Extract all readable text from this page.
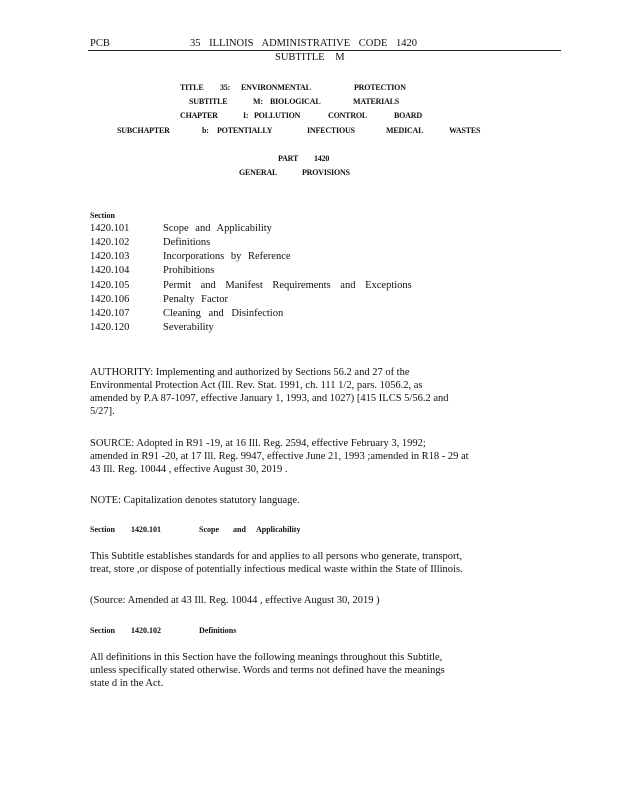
PCB	35 ILLINOIS ADMINISTRATIVE CODE 1420
SUBTITLE M
TITLE 35: ENVIRONMENTAL	PROTECTION
SUBTITLE	M: BIOLOGICAL	MATERIALS
CHAPTER	I: POLLUTION	CONTROL	BOARD
SUBCHAPTER	b: POTENTIALLY	INFECTIOUS	MEDICAL	WASTES
PART 1420
GENERAL	PROVISIONS
Section
1420.101	Scope and Applicability
1420.102	Definitions
1420.103	Incorporations by Reference
1420.104	Prohibitions
1420.105	Permit and Manifest Requirements and Exceptions
1420.106	Penalty Factor
1420.107	Cleaning and Disinfection
1420.120	Severability
AUTHORITY: Implementing and authorized by Sections 56.2 and 27 of the
Environmental Protection Act (Ill. Rev. Stat. 1991, ch. 111 1/2, pars. 1056.2, as
amended by P.A 87-1097, effective January 1, 1993, and 1027) [415 ILCS 5/56.2 and
5/27].
SOURCE: Adopted in R91 -19, at 16 Ill. Reg. 2594, effective February 3, 1992;
amended in R91 -20, at 17 Ill. Reg. 9947, effective June 21, 1993 ;amended in R18 - 29 at
43 Ill. Reg. 10044 , effective August 30, 2019 .
NOTE: Capitalization denotes statutory language.
Section 1420.101	Scope and Applicability
This Subtitle establishes standards for and applies to all persons who generate, transport,
treat, store ,or dispose of potentially infectious medical waste within the State of Illinois.
(Source: Amended at 43 Ill. Reg. 10044 , effective August 30, 2019 )
Section 1420.102	Definitions
All definitions in this Section have the following meanings throughout this Subtitle,
unless specifically stated otherwise. Words and terms not defined have the meanings
state d in the Act.
